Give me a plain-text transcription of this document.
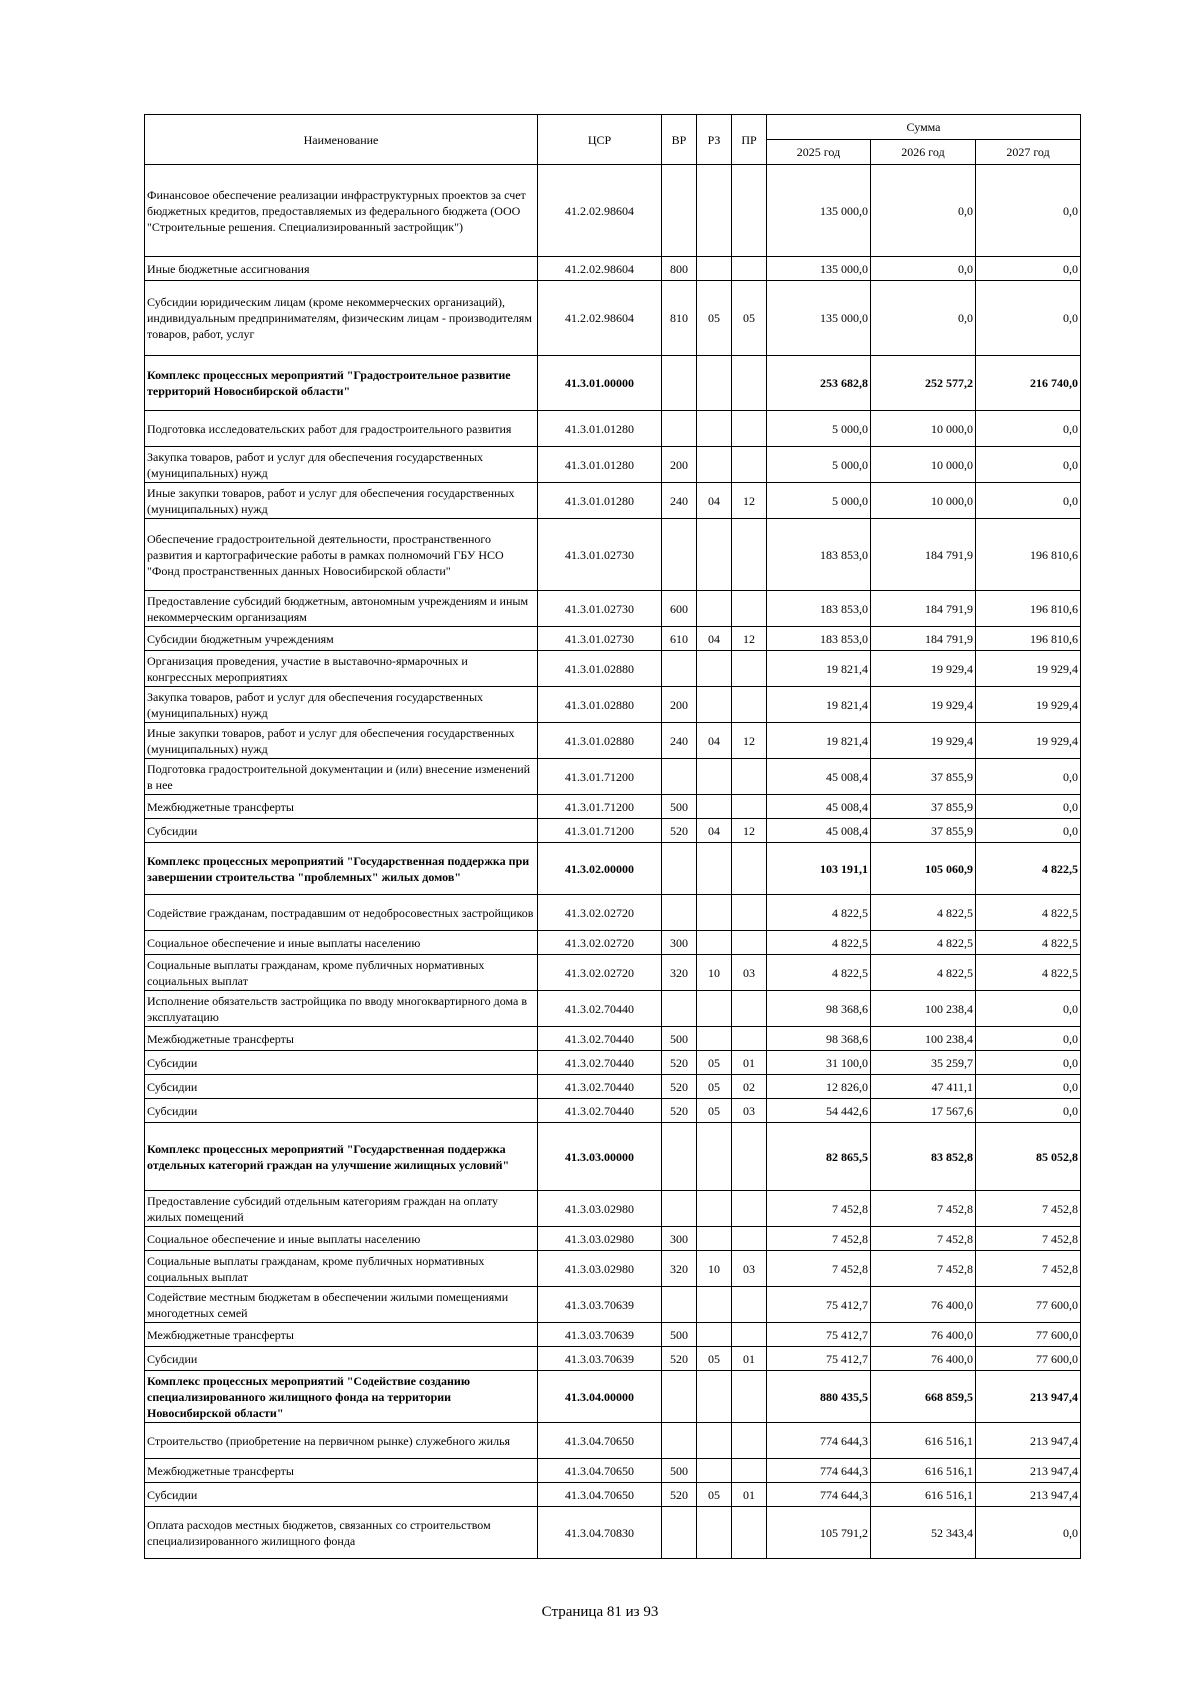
Наименование	ЦСР	ВР	РЗ	ПР	Сумма		
					2025 год	2026 год	2027 год
Финансовое обеспечение реализации инфраструктурных проектов за счет бюджетных кредитов, предоставляемых из федерального бюджета (ООО "Строительные решения. Специализированный застройщик")	41.2.02.98604				135 000,0	0,0	0,0
Иные бюджетные ассигнования	41.2.02.98604	800			135 000,0	0,0	0,0
Субсидии юридическим лицам (кроме некоммерческих организаций), индивидуальным предпринимателям, физическим лицам - производителям товаров, работ, услуг	41.2.02.98604	810	05	05	135 000,0	0,0	0,0
Комплекс процессных мероприятий "Градостроительное развитие территорий Новосибирской области"	41.3.01.00000				253 682,8	252 577,2	216 740,0
Подготовка исследовательских работ для градостроительного развития	41.3.01.01280				5 000,0	10 000,0	0,0
Закупка товаров, работ и услуг для обеспечения государственных (муниципальных) нужд	41.3.01.01280	200			5 000,0	10 000,0	0,0
Иные закупки товаров, работ и услуг для обеспечения государственных (муниципальных) нужд	41.3.01.01280	240	04	12	5 000,0	10 000,0	0,0
Обеспечение градостроительной деятельности, пространственного развития и картографические работы в рамках полномочий ГБУ НСО "Фонд пространственных данных Новосибирской области"	41.3.01.02730				183 853,0	184 791,9	196 810,6
Предоставление субсидий бюджетным, автономным учреждениям и иным некоммерческим организациям	41.3.01.02730	600			183 853,0	184 791,9	196 810,6
Субсидии бюджетным учреждениям	41.3.01.02730	610	04	12	183 853,0	184 791,9	196 810,6
Организация проведения, участие в выставочно-ярмарочных и конгрессных мероприятиях	41.3.01.02880				19 821,4	19 929,4	19 929,4
Закупка товаров, работ и услуг для обеспечения государственных (муниципальных) нужд	41.3.01.02880	200			19 821,4	19 929,4	19 929,4
Иные закупки товаров, работ и услуг для обеспечения государственных (муниципальных) нужд	41.3.01.02880	240	04	12	19 821,4	19 929,4	19 929,4
Подготовка градостроительной документации и (или) внесение изменений в нее	41.3.01.71200				45 008,4	37 855,9	0,0
Межбюджетные трансферты	41.3.01.71200	500			45 008,4	37 855,9	0,0
Субсидии	41.3.01.71200	520	04	12	45 008,4	37 855,9	0,0
Комплекс процессных мероприятий "Государственная поддержка при завершении строительства "проблемных" жилых домов"	41.3.02.00000				103 191,1	105 060,9	4 822,5
Содействие гражданам, пострадавшим от недобросовестных застройщиков	41.3.02.02720				4 822,5	4 822,5	4 822,5
Социальное обеспечение и иные выплаты населению	41.3.02.02720	300			4 822,5	4 822,5	4 822,5
Социальные выплаты гражданам, кроме публичных нормативных социальных выплат	41.3.02.02720	320	10	03	4 822,5	4 822,5	4 822,5
Исполнение обязательств застройщика по вводу многоквартирного дома в эксплуатацию	41.3.02.70440				98 368,6	100 238,4	0,0
Межбюджетные трансферты	41.3.02.70440	500			98 368,6	100 238,4	0,0
Субсидии	41.3.02.70440	520	05	01	31 100,0	35 259,7	0,0
Субсидии	41.3.02.70440	520	05	02	12 826,0	47 411,1	0,0
Субсидии	41.3.02.70440	520	05	03	54 442,6	17 567,6	0,0
Комплекс процессных мероприятий "Государственная поддержка отдельных категорий граждан на улучшение жилищных условий"	41.3.03.00000				82 865,5	83 852,8	85 052,8
Предоставление субсидий отдельным категориям граждан на оплату жилых помещений	41.3.03.02980				7 452,8	7 452,8	7 452,8
Социальное обеспечение и иные выплаты населению	41.3.03.02980	300			7 452,8	7 452,8	7 452,8
Социальные выплаты гражданам, кроме публичных нормативных социальных выплат	41.3.03.02980	320	10	03	7 452,8	7 452,8	7 452,8
Содействие местным бюджетам в обеспечении жилыми помещениями многодетных семей	41.3.03.70639				75 412,7	76 400,0	77 600,0
Межбюджетные трансферты	41.3.03.70639	500			75 412,7	76 400,0	77 600,0
Субсидии	41.3.03.70639	520	05	01	75 412,7	76 400,0	77 600,0
Комплекс процессных мероприятий "Содействие созданию специализированного жилищного фонда на территории Новосибирской области"	41.3.04.00000				880 435,5	668 859,5	213 947,4
Строительство (приобретение на первичном рынке) служебного жилья	41.3.04.70650				774 644,3	616 516,1	213 947,4
Межбюджетные трансферты	41.3.04.70650	500			774 644,3	616 516,1	213 947,4
Субсидии	41.3.04.70650	520	05	01	774 644,3	616 516,1	213 947,4
Оплата расходов местных бюджетов, связанных со строительством специализированного жилищного фонда	41.3.04.70830				105 791,2	52 343,4	0,0
Страница 81 из 93
